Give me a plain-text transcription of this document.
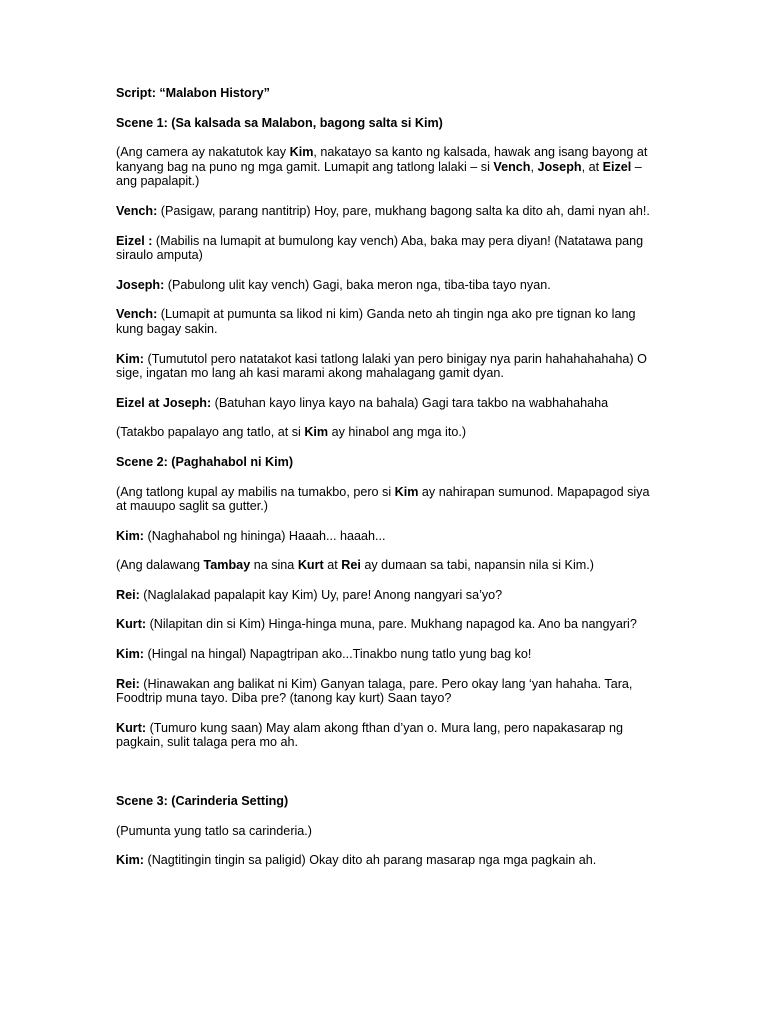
Script: “Malabon History”

Scene 1: (Sa kalsada sa Malabon, bagong salta si Kim)

(Ang camera ay nakatutok kay Kim, nakatayo sa kanto ng kalsada, hawak ang isang bayong at kanyang bag na puno ng mga gamit. Lumapit ang tatlong lalaki – si Vench, Joseph, at Eizel – ang papalapit.)

Vench: (Pasigaw, parang nantitrip) Hoy, pare, mukhang bagong salta ka dito ah, dami nyan ah!.

Eizel : (Mabilis na lumapit at bumulong kay vench) Aba, baka may pera diyan! (Natatawa pang siraulo amputa)

Joseph: (Pabulong ulit kay vench) Gagi, baka meron nga, tiba-tiba tayo nyan.

Vench: (Lumapit at pumunta sa likod ni kim) Ganda neto ah tingin nga ako pre tignan ko lang kung bagay sakin.

Kim: (Tumututol pero natatakot kasi tatlong lalaki yan pero binigay nya parin hahahahahaha) O sige, ingatan mo lang ah kasi marami akong mahalagang gamit dyan.

Eizel at Joseph: (Batuhan kayo linya kayo na bahala) Gagi tara takbo na wabhahahaha

(Tatakbo papalayo ang tatlo, at si Kim ay hinabol ang mga ito.)

Scene 2: (Paghahabol ni Kim)

(Ang tatlong kupal ay mabilis na tumakbo, pero si Kim ay nahirapan sumunod. Mapapagod siya at mauupo saglit sa gutter.)

Kim: (Naghahabol ng hininga) Haaah... haaah...

(Ang dalawang Tambay na sina Kurt at Rei ay dumaan sa tabi, napansin nila si Kim.)

Rei: (Naglalakad papalapit kay Kim) Uy, pare! Anong nangyari sa’yo?

Kurt: (Nilapitan din si Kim) Hinga-hinga muna, pare. Mukhang napagod ka. Ano ba nangyari?

Kim: (Hingal na hingal) Napagtripan ako...Tinakbo nung tatlo yung bag ko!

Rei: (Hinawakan ang balikat ni Kim) Ganyan talaga, pare. Pero okay lang ‘yan hahaha. Tara, Foodtrip muna tayo. Diba pre? (tanong kay kurt) Saan tayo?

Kurt: (Tumuro kung saan) May alam akong fthan d’yan o. Mura lang, pero napakasarap ng pagkain, sulit talaga pera mo ah.

Scene 3: (Carinderia Setting)

(Pumunta yung tatlo sa carinderia.)

Kim: (Nagtitingin tingin sa paligid) Okay dito ah parang masarap nga mga pagkain ah.
